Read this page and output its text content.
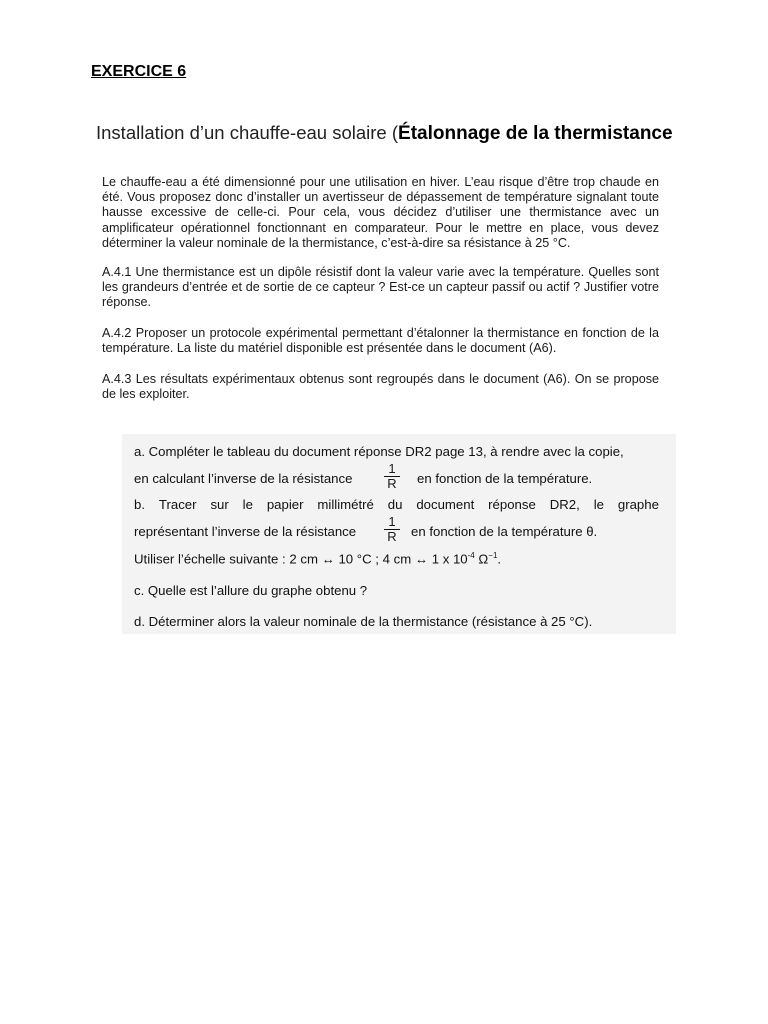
EXERCICE 6
Installation d’un chauffe-eau solaire (Étalonnage de la thermistance

Le chauffe-eau a été dimensionné pour une utilisation en hiver. L’eau risque d’être trop chaude en été. Vous proposez donc d’installer un avertisseur de dépassement de température signalant toute hausse excessive de celle-ci. Pour cela, vous décidez d’utiliser une thermistance avec un amplificateur opérationnel fonctionnant en comparateur. Pour le mettre en place, vous devez déterminer la valeur nominale de la thermistance, c’est-à-dire sa résistance à 25 °C.

A.4.1 Une thermistance est un dipôle résistif dont la valeur varie avec la température. Quelles sont les grandeurs d’entrée et de sortie de ce capteur ? Est-ce un capteur passif ou actif ? Justifier votre réponse.

A.4.2 Proposer un protocole expérimental permettant d’étalonner la thermistance en fonction de la température. La liste du matériel disponible est présentée dans le document (A6).

A.4.3 Les résultats expérimentaux obtenus sont regroupés dans le document (A6). On se propose de les exploiter.

a. Compléter le tableau du document réponse DR2 page 13, à rendre avec la copie,
en calculant l’inverse de la résistance $\frac{1}{R}$ en fonction de la température.
b. Tracer sur le papier millimétré du document réponse DR2, le graphe
représentant l’inverse de la résistance $\frac{1}{R}$ en fonction de la température θ.
Utiliser l’échelle suivante : 2 cm ↔ 10 °C ; 4 cm ↔ 1 x $10^{-4}$ $\Omega^{-1}$.
c. Quelle est l’allure du graphe obtenu ?
d. Déterminer alors la valeur nominale de la thermistance (résistance à 25 °C).
